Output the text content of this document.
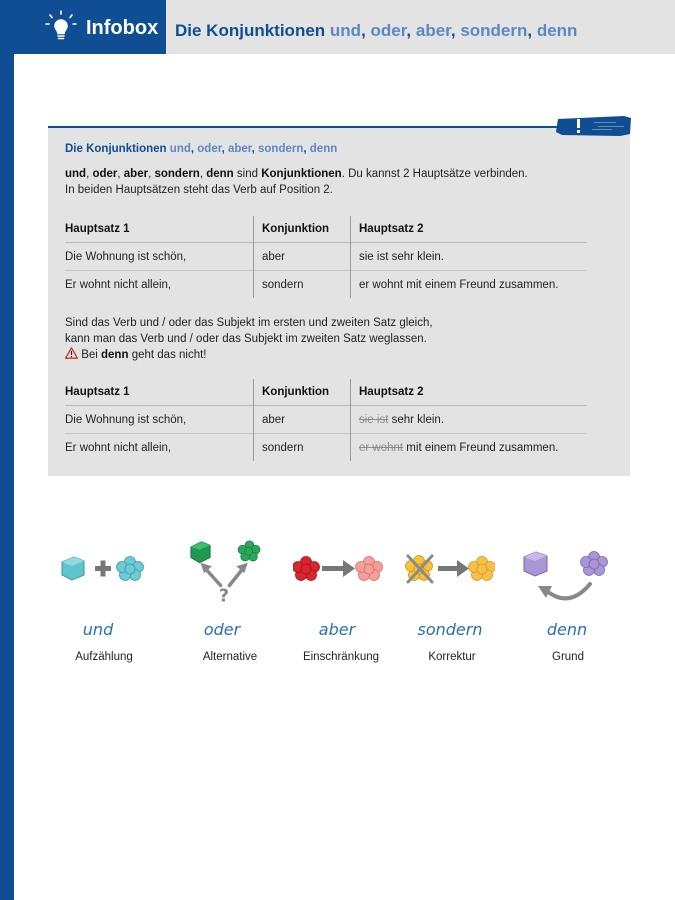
Infobox Die Konjunktionen und, oder, aber, sondern, denn
Die Konjunktionen und, oder, aber, sondern, denn
und, oder, aber, sondern, denn sind Konjunktionen. Du kannst 2 Hauptsätze verbinden.
In beiden Hauptsätzen steht das Verb auf Position 2.
Hauptsatz 1	Konjunktion	Hauptsatz 2
Die Wohnung ist schön,	aber	sie ist sehr klein.
Er wohnt nicht allein,	sondern	er wohnt mit einem Freund zusammen.
Sind das Verb und / oder das Subjekt im ersten und zweiten Satz gleich,
kann man das Verb und / oder das Subjekt im zweiten Satz weglassen.
Bei denn geht das nicht!
Hauptsatz 1	Konjunktion	Hauptsatz 2
Die Wohnung ist schön,	aber	sie ist sehr klein.
Er wohnt nicht allein,	sondern	er wohnt mit einem Freund zusammen.
?
und	oder	aber	sondern	denn
Aufzählung	Alternative	Einschränkung	Korrektur	Grund
